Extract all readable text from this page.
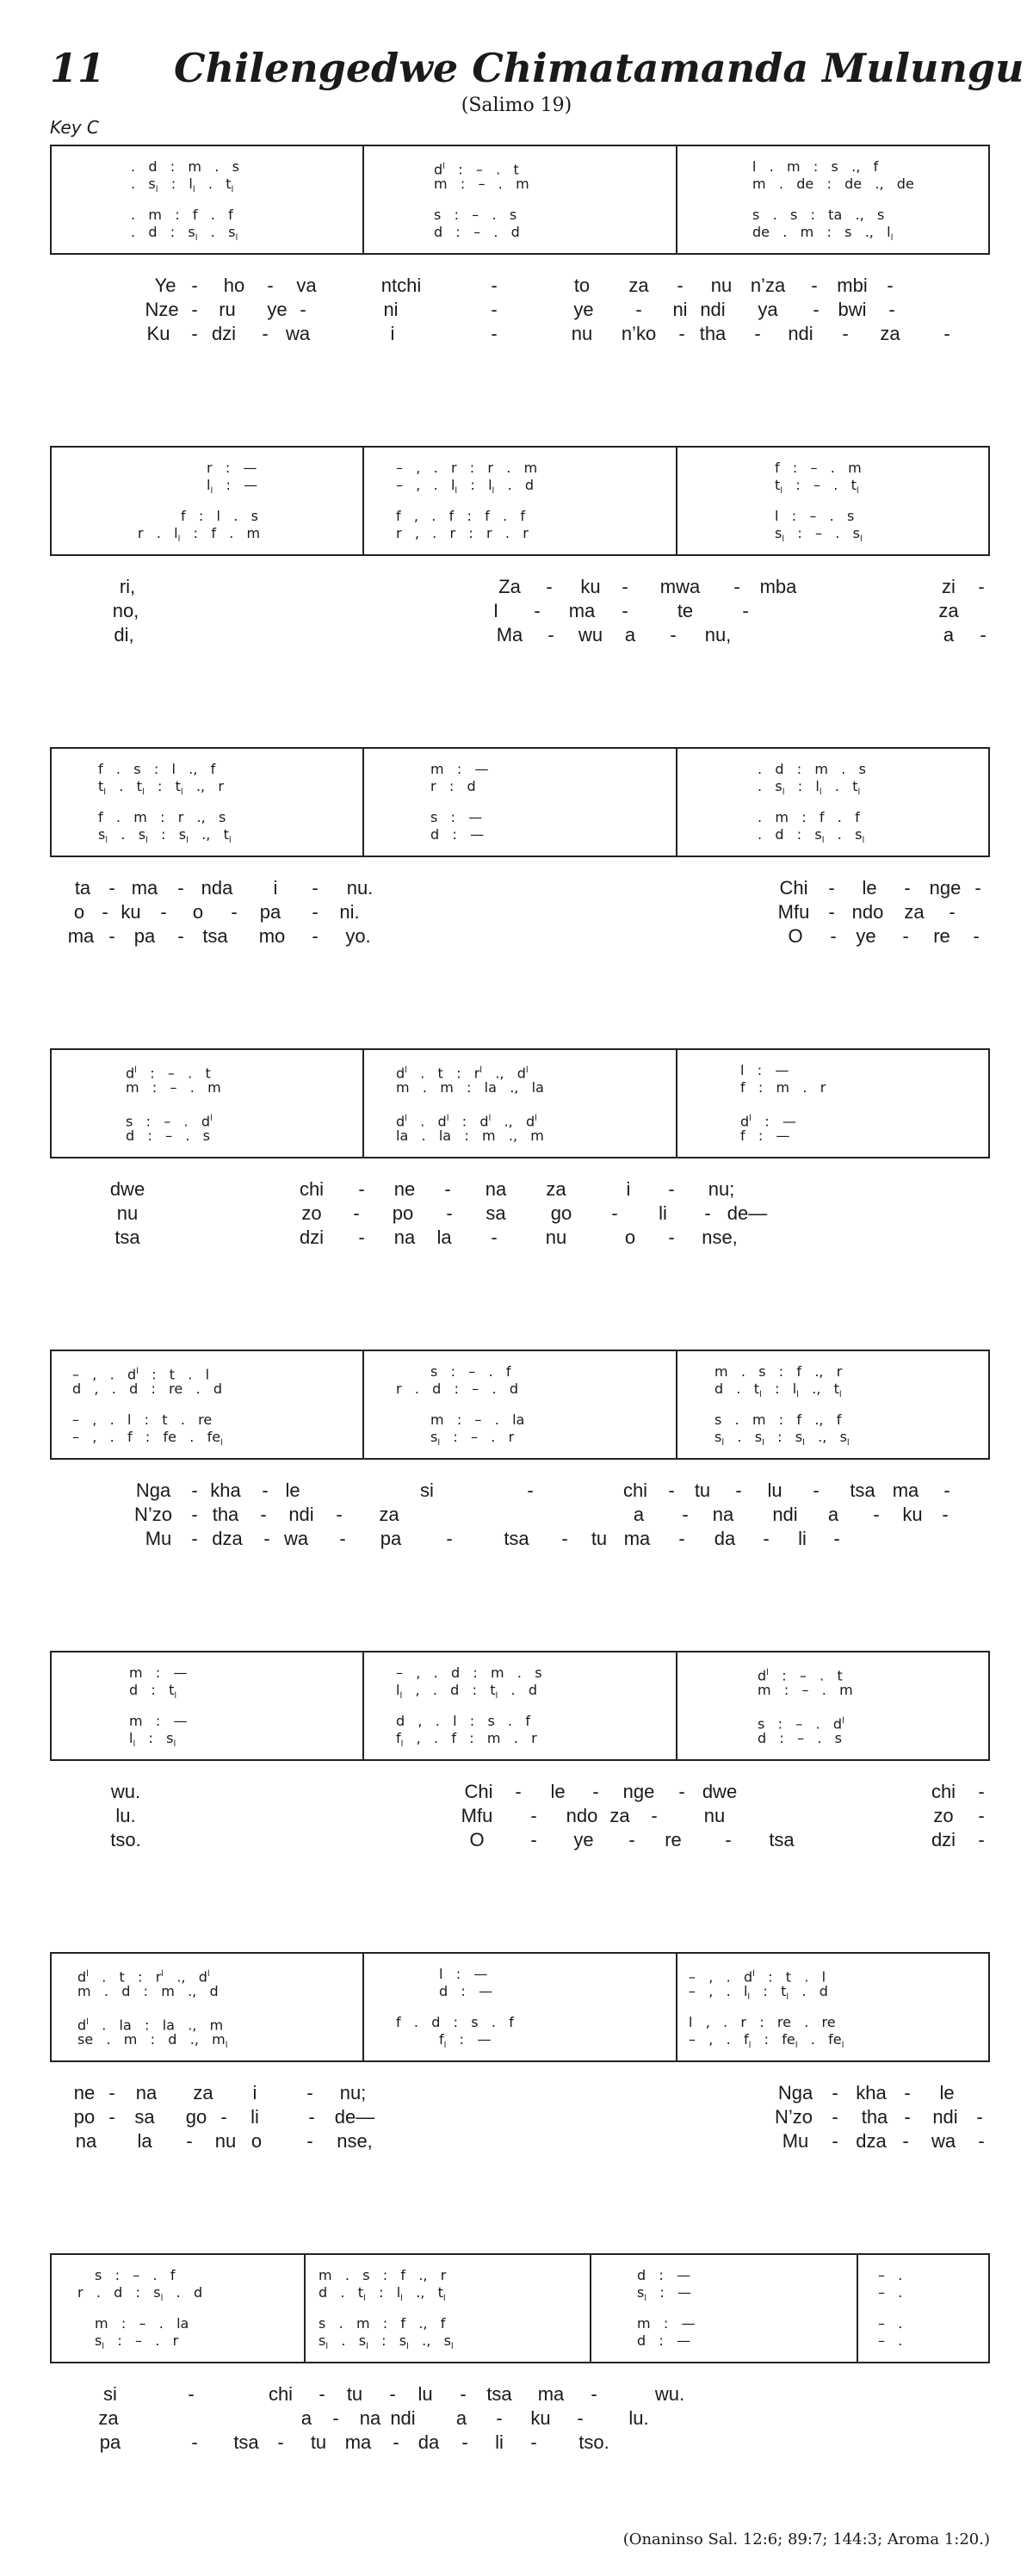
11 Chilengedwe Chimatamanda Mulungu
(Salimo 19)
Key C
.   d   :   m   .   s	$d^l$   :   –   .   t	l   .   m   :   s   .,   f
.   $s_l$   :   $l_l$   .   $t_l$	m   :   –   .   m	m   .   de   :   de   .,   de
.   m   :   f   .   f	s   :   –   .   s	s   .   s   :   ta   .,   s
.   d   :   $s_l$   .   $s_l$	d   :   –   .   d	de   .   m   :   s   .,   $l_l$
Ye - ho - va	ntchi	-	to za - nu n’za - mbi -
Nze - ru ye -	ni	-	ye - ni ndi ya - bwi -
Ku - dzi - wa	i	-	nu n’ko - tha - ndi - za -
r   :   —	–   ,   .   r   :   r   .   m	f   :   –   .   m
$l_l$   :   —	–   ,   .   $l_l$   :   $l_l$   .   d	$t_l$   :   –   .   $t_l$
f   :   l   .   s	f   ,   .   f   :   f   .   f	l   :   –   .   s
r   .   $l_l$   :   f   .   m	r   ,   .   r   :   r   .   r	$s_l$   :   –   .   $s_l$
ri,	Za - ku - mwa - mba	zi -
no,	I - ma -	te	-	za
di,	Ma - wu a - nu,	a -
f   .   s   :   l   .,   f	m   :   —	.   d   :   m   .   s
$t_l$   .   $t_l$   :   $t_l$   .,   r	r   :   d	.   $s_l$   :   $l_l$   .   $t_l$
f   .   m   :   r   .,   s	s   :   —	.   m   :   f   .   f
$s_l$   .   $s_l$   :   $s_l$   .,   $t_l$	d   :   —	.   d   :   $s_l$   .   $s_l$
ta - ma - nda i - nu.	Chi - le - nge -
o - ku - o - pa - ni.	Mfu - ndo za -
ma - pa - tsa mo - yo.	O - ye - re -
$d^l$   :   –   .   t	$d^l$   .   t   :   $r^l$   .,   $d^l$	l   :   —
m   :   –   .   m	m   .   m   :   la   .,   la	f   :   m   .   r
s   :   –   .   $d^l$	$d^l$   .   $d^l$   :   $d^l$   .,   $d^l$	$d^l$   :   —
d   :   –   .   s	la   .   la   :   m   .,   m	f   :   —
dwe	chi - ne - na za	i - nu;
nu	zo - po - sa go - li - de—
tsa	dzi - na la -	nu	o - nse,
–   ,   .   $d^l$   :   t   .   l	s   :   –   .   f	m   .   s   :   f   .,   r
d   ,   .   d   :   re   .   d	r   .   d   :   –   .   d	d   .   $t_l$   :   $l_l$   .,   $t_l$
–   ,   .   l   :   t   .   re	m   :   –   .   la	s   .   m   :   f   .,   f
–   ,   .   f   :   fe   .   $fe_l$	$s_l$   :   –   .   r	$s_l$   .   $s_l$   :   $s_l$   .,   $s_l$
Nga - kha - le	si	-	chi - tu - lu - tsa ma -
N’zo - tha - ndi - za	a - na ndi a - ku -
Mu - dza - wa - pa -	tsa - tu ma - da - li -
m   :   —	–   ,   .   d   :   m   .   s	$d^l$   :   –   .   t
d   :   $t_l$	$l_l$   ,   .   d   :   $t_l$   .   d	m   :   –   .   m
m   :   —	d   ,   .   l   :   s   .   f	s   :   –   .   $d^l$
$l_l$   :   $s_l$	$f_l$   ,   .   f   :   m   .   r	d   :   –   .   s
wu.	Chi - le - nge - dwe	chi -
lu.	Mfu - ndo za - nu	zo -
tso.	O - ye - re - tsa	dzi -
$d^l$   .   t   :   $r^l$   .,   $d^l$	l   :   —	–   ,   .   $d^l$   :   t   .   l
m   .   d   :   m   .,   d	d   :   —	–   ,   .   $l_l$   :   $t_l$   .   d
$d^l$   .   la   :   la   .,   m	f   .   d   :   s   .   f	l   ,   .   r   :   re   .   re
se   .   m   :   d   .,   $m_l$	$f_l$   :   —	–   ,   .   $f_l$   :   $fe_l$   .   $fe_l$
ne - na za i	- nu;	Nga - kha - le
po - sa go - li	- de—	N’zo - tha - ndi -
na la - nu o - nse,	Mu - dza - wa -
s   :   –   .   f	m   .   s   :   f   .,   r	d   :   —	–   .
r   .   d   :   $s_l$   .   d	d   .   $t_l$   :   $l_l$   .,   $t_l$	$s_l$   :   —	–   .
m   :   –   .   la	s   .   m   :   f   .,   f	m   :   —	–   .
$s_l$   :   –   .   r	$s_l$   .   $s_l$   :   $s_l$   .,   $s_l$	d   :   —	–   .
si	-	chi - tu - lu - tsa ma -	wu.
za	a - na ndi a - ku - lu.
pa	- tsa - tu ma - da - li - tso.
(Onaninso Sal. 12:6; 89:7; 144:3; Aroma 1:20.)
